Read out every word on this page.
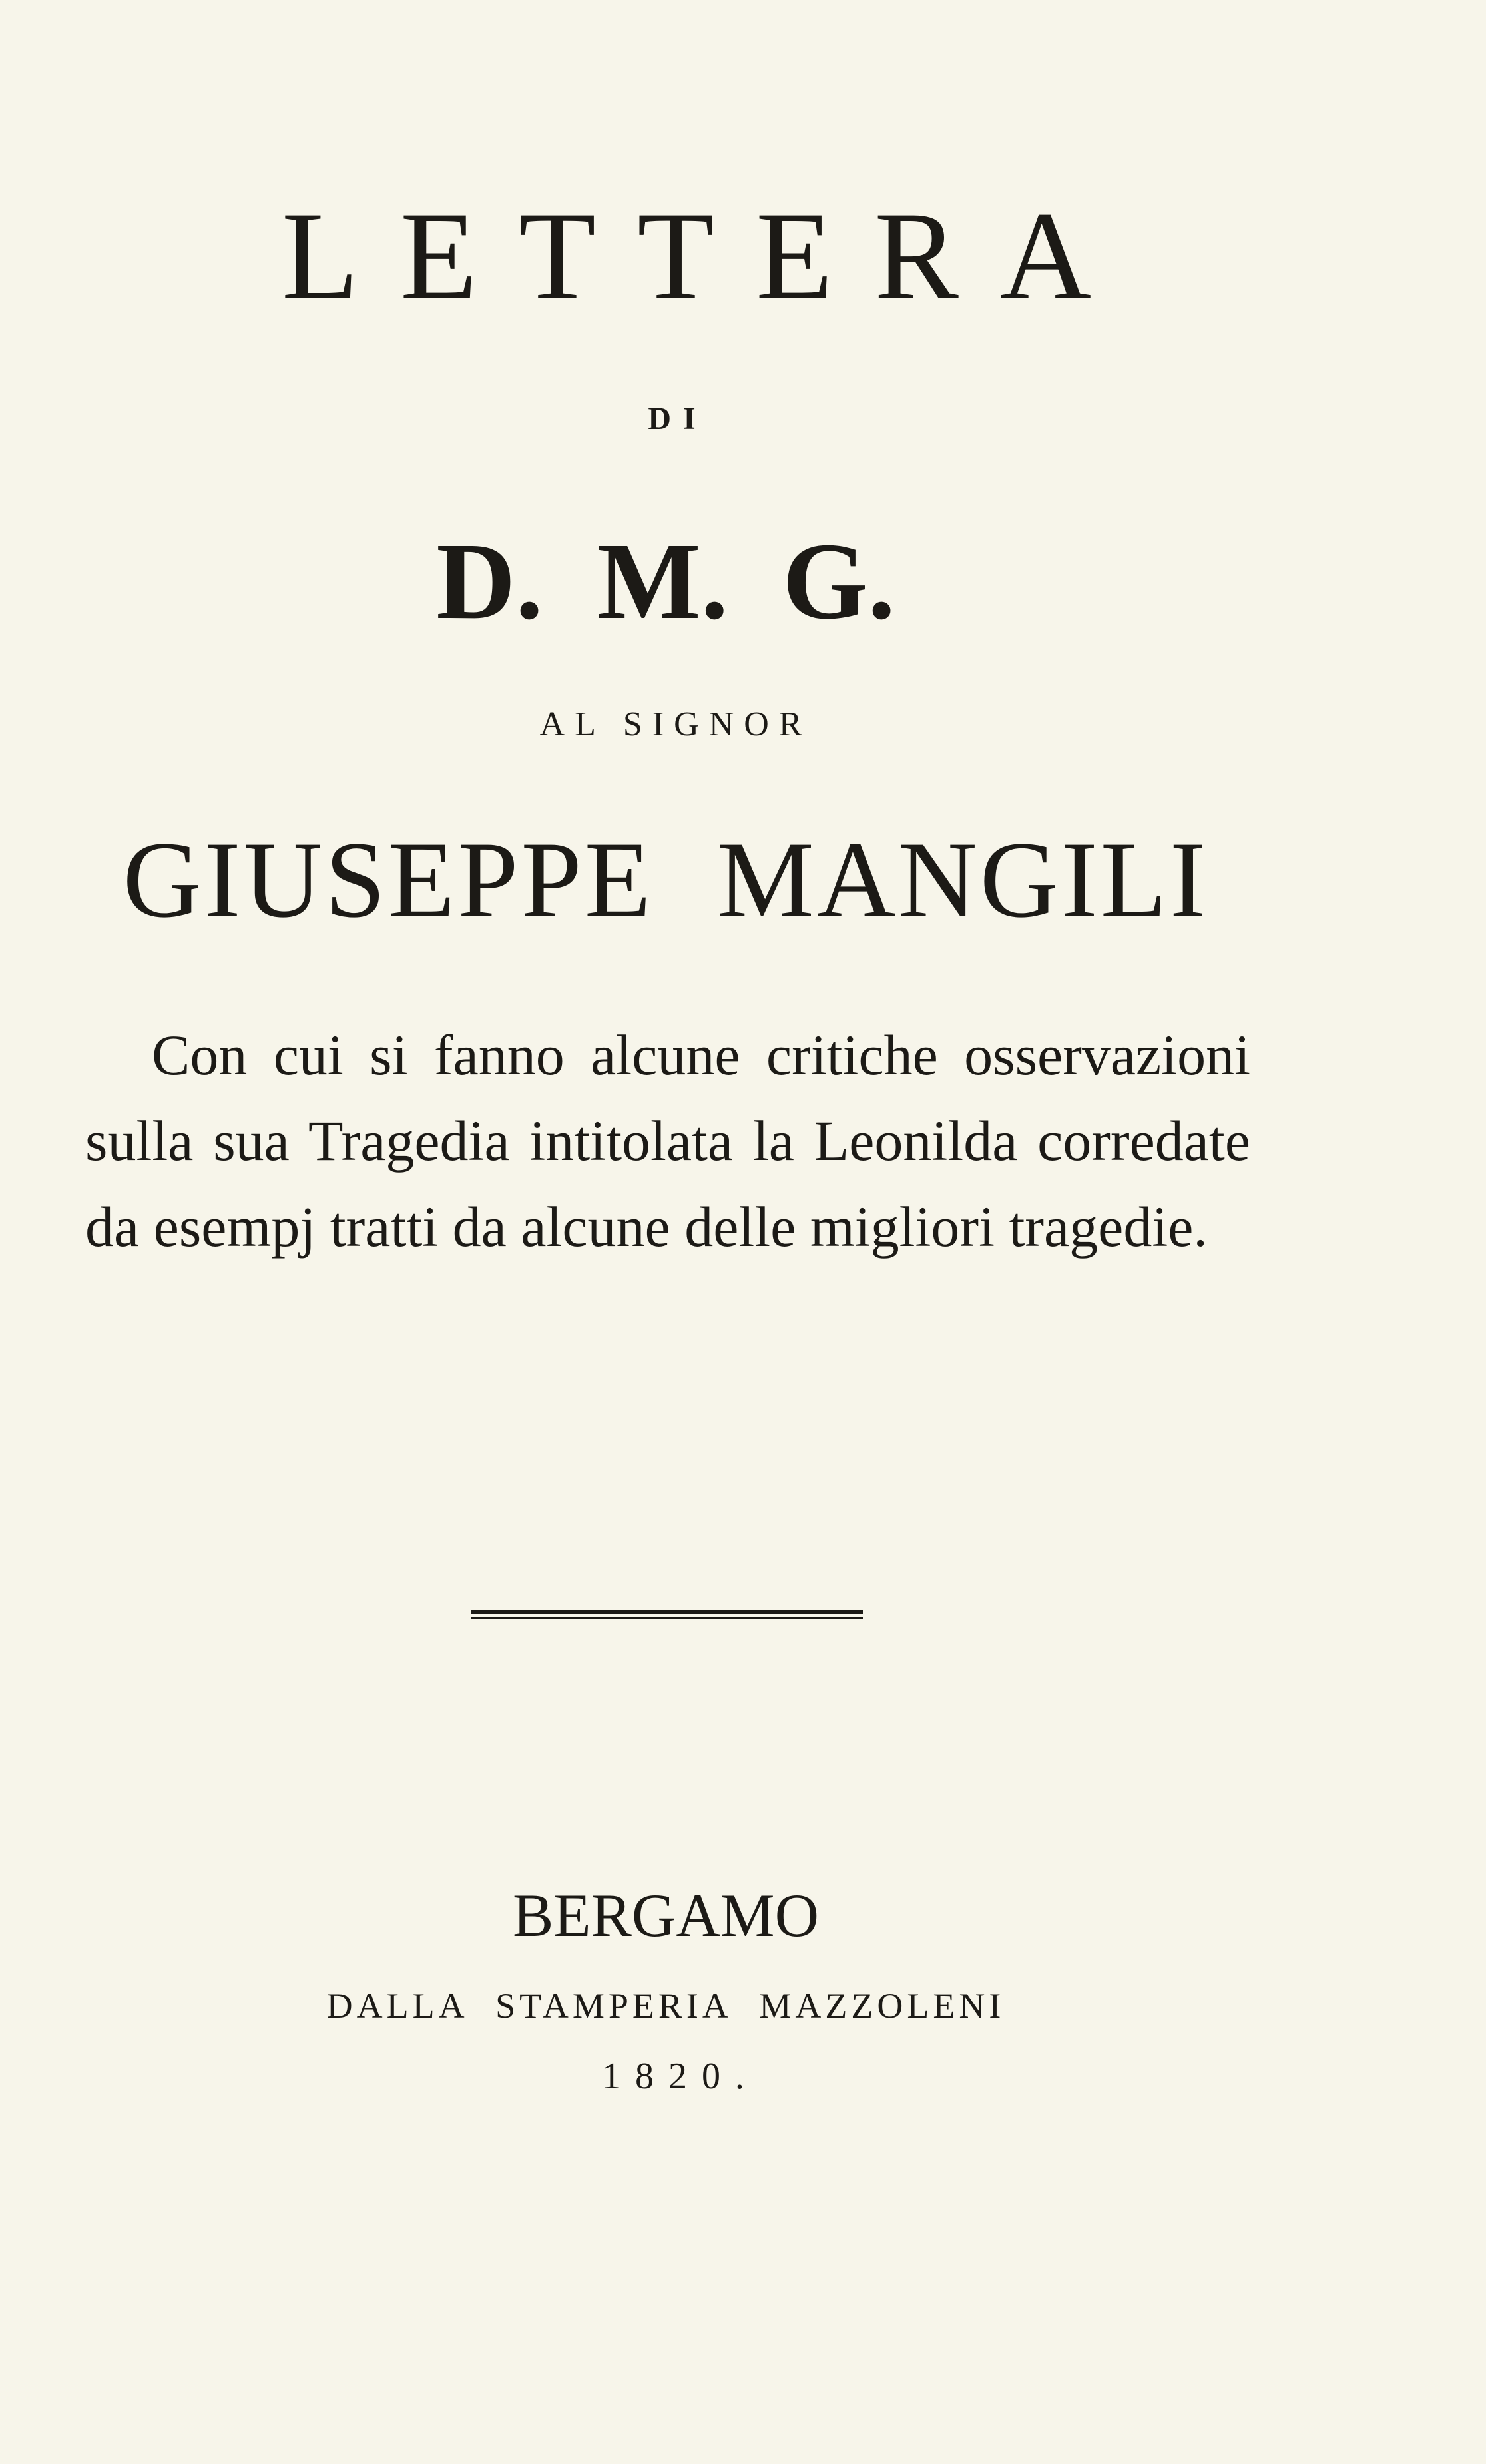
LETTERA
DI
D. M. G.
AL SIGNOR
GIUSEPPE MANGILI
Con cui si fanno alcune critiche osservazioni sulla sua Tragedia intitolata la Leonilda corredate da esempj tratti da alcune delle migliori tragedie.
BERGAMO
DALLA STAMPERIA MAZZOLENI
1820.
